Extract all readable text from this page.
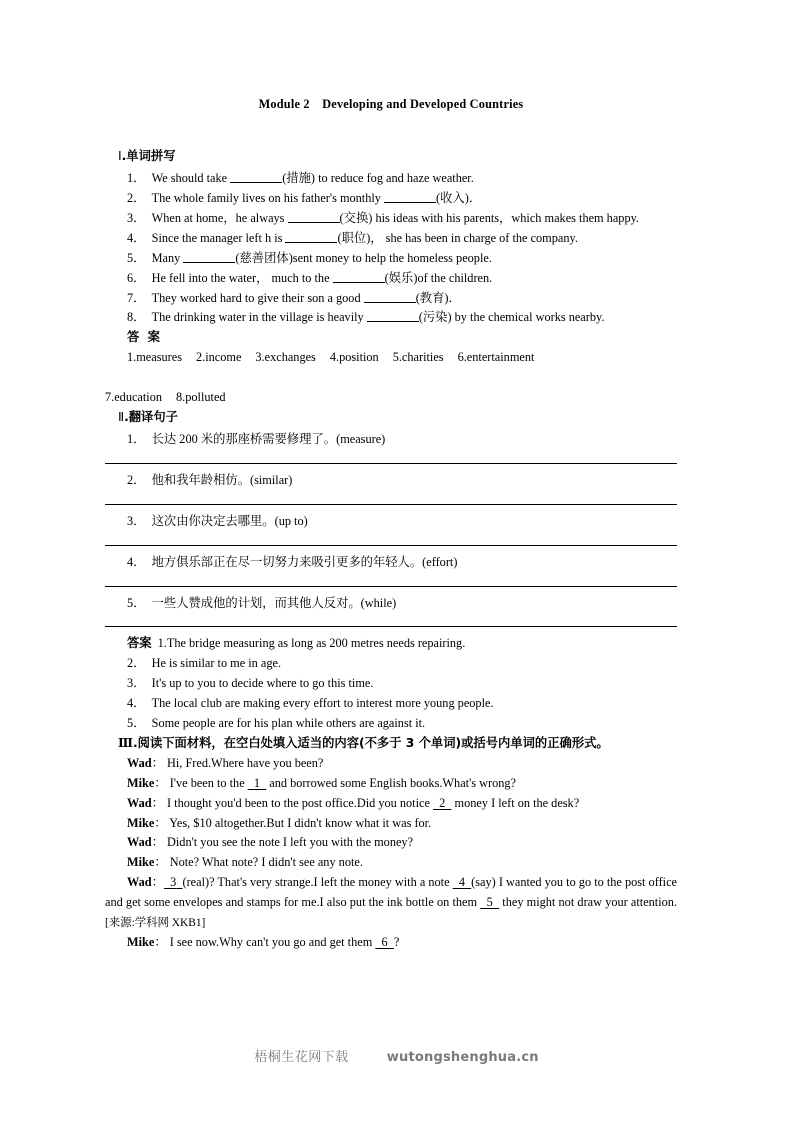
Module 2 Developing and Developed Countries
Ⅰ.单词拼写
1．  We should take	(措施) to reduce fog and haze weather.
2．  The whole family lives on his father's monthly	(收入)．
3．  When at home，he always	(交换) his ideas with his parents，which makes them happy.
4．  Since the manager left h is	(职位)， she has been in charge of the company.
5．  Many	(慈善团体)sent money to help the homeless people.
6．  He fell into the water， much to the	(娱乐)of the children.
7．  They worked hard to give their son a good	(教育)．
8．  The drinking water in the village is heavily	(污染) by the chemical works nearby.
答 案
1.measures 2.income 3.exchanges 4.position 5.charities 6.entertainment
7.education 8.polluted
Ⅱ.翻译句子
1．  长达 200 米的那座桥需要修理了。(measure)
2．  他和我年龄相仿。(similar)
3．  这次由你决定去哪里。(up to)
4．  地方俱乐部正在尽一切努力来吸引更多的年轻人。(effort)
5．  一些人赞成他的计划，而其他人反对。(while)
答案 1.The bridge measuring as long as 200 metres needs repairing.
2．  He is similar to me in age.
3．  It's up to you to decide where to go this time.
4．  The local club are making every effort to interest more young people.
5．  Some people are for his plan while others are against it.
Ⅲ.阅读下面材料，在空白处填入适当的内容(不多于 3 个单词)或括号内单词的正确形式。
Wad： Hi, Fred.Where have you been?
Mike： I've been to the 1 and borrowed some English books.What's wrong?
Wad： I thought you'd been to the post office.Did you notice 2 money I left on the desk?
Mike： Yes, $10 altogether.But I didn't know what it was for.
Wad： Didn't you see the note I left you with the money?
Mike： Note? What note? I didn't see any note.
Wad： 3 (real)? That's very strange.I left the money with a note 4 (say) I wanted you to go to the post office and get some envelopes and stamps for me.I also put the ink bottle on them 5 they might not draw your attention.[来源:学科网 XKB1]
Mike： I see now.Why can't you go and get them 6 ?
梧桐生花网下载	wutongshenghua.cn
